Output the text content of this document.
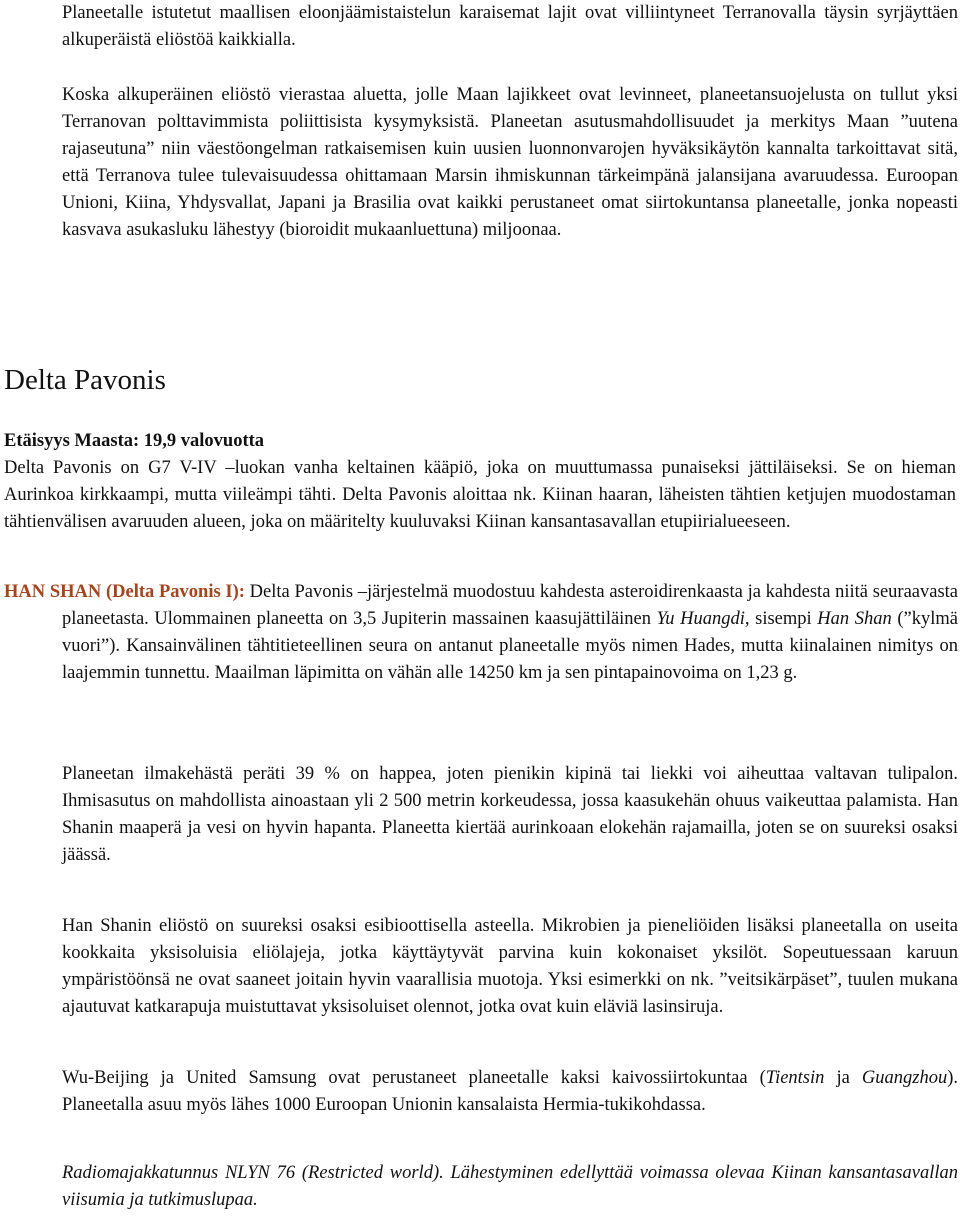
Planeetalle istutetut maallisen eloonjäämistaistelun karaisemat lajit ovat villiintyneet Terranovalla täysin syrjäyttäen alkuperäistä eliöstöä kaikkialla.

Koska alkuperäinen eliöstö vierastaa aluetta, jolle Maan lajikkeet ovat levinneet, planeetansuojelusta on tullut yksi Terranovan polttavimmista poliittisista kysymyksistä. Planeetan asutusmahdollisuudet ja merkitys Maan ”uutena rajaseutuna” niin väestöongelman ratkaisemisen kuin uusien luonnonvarojen hyväksikäytön kannalta tarkoittavat sitä, että Terranova tulee tulevaisuudessa ohittamaan Marsin ihmiskunnan tärkeimpänä jalansijana avaruudessa. Euroopan Unioni, Kiina, Yhdysvallat, Japani ja Brasilia ovat kaikki perustaneet omat siirtokuntansa planeetalle, jonka nopeasti kasvava asukasluku lähestyy (bioroidit mukaanluettuna) miljoonaa.

Delta Pavonis

Etäisyys Maasta: 19,9 valovuotta
Delta Pavonis on G7 V-IV –luokan vanha keltainen kääpiö, joka on muuttumassa punaiseksi jättiläiseksi. Se on hieman Aurinkoa kirkkaampi, mutta viileämpi tähti. Delta Pavonis aloittaa nk. Kiinan haaran, läheisten tähtien ketjujen muodostaman tähtienvälisen avaruuden alueen, joka on määritelty kuuluvaksi Kiinan kansantasavallan etupiirialueeseen.

HAN SHAN (Delta Pavonis I): Delta Pavonis –järjestelmä muodostuu kahdesta asteroidirenkaasta ja kahdesta niitä seuraavasta planeetasta. Ulommainen planeetta on 3,5 Jupiterin massainen kaasujättiläinen Yu Huangdi, sisempi Han Shan (”kylmä vuori”). Kansainvälinen tähtitieteellinen seura on antanut planeetalle myös nimen Hades, mutta kiinalainen nimitys on laajemmin tunnettu. Maailman läpimitta on vähän alle 14250 km ja sen pintapainovoima on 1,23 g.

Planeetan ilmakehästä peräti 39 % on happea, joten pienikin kipinä tai liekki voi aiheuttaa valtavan tulipalon. Ihmisasutus on mahdollista ainoastaan yli 2 500 metrin korkeudessa, jossa kaasukehän ohuus vaikeuttaa palamista. Han Shanin maaperä ja vesi on hyvin hapanta. Planeetta kiertää aurinkoaan elokehän rajamailla, joten se on suureksi osaksi jäässä.

Han Shanin eliöstö on suureksi osaksi esibioottisella asteella. Mikrobien ja pieneliöiden lisäksi planeetalla on useita kookkaita yksisoluisia eliölajeja, jotka käyttäytyvät parvina kuin kokonaiset yksilöt. Sopeutuessaan karuun ympäristöönsä ne ovat saaneet joitain hyvin vaarallisia muotoja. Yksi esimerkki on nk. ”veitsikärpäset”, tuulen mukana ajautuvat katkarapuja muistuttavat yksisoluiset olennot, jotka ovat kuin eläviä lasinsiruja.

Wu-Beijing ja United Samsung ovat perustaneet planeetalle kaksi kaivossiirtokuntaa (Tientsin ja Guangzhou). Planeetalla asuu myös lähes 1000 Euroopan Unionin kansalaista Hermia-tukikohdassa.

Radiomajakkatunnus NLYN 76 (Restricted world). Lähestyminen edellyttää voimassa olevaa Kiinan kansantasavallan viisumia ja tutkimuslupaa.
